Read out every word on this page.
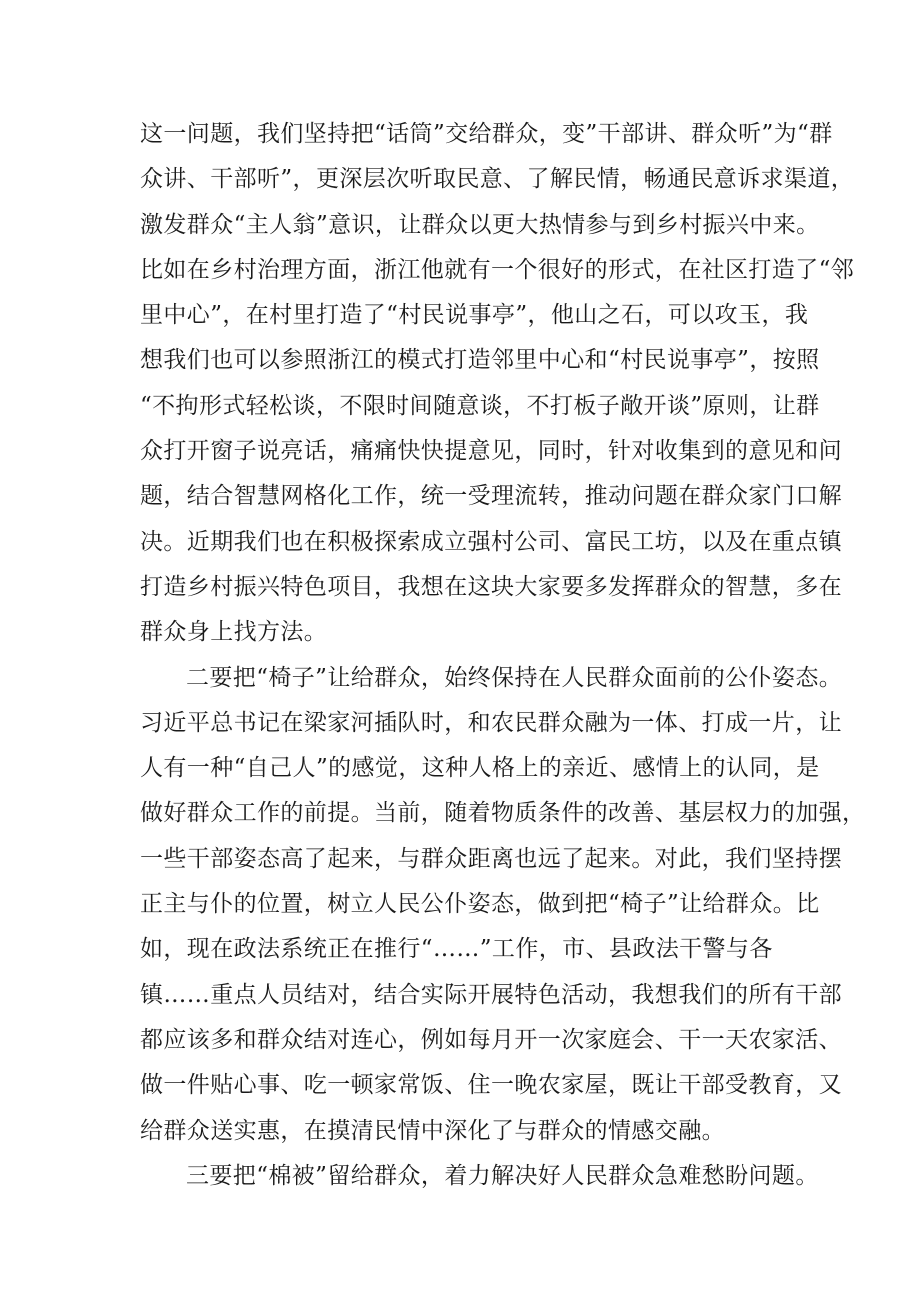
这一问题，我们坚持把“话筒”交给群众，变”干部讲、群众听”为“群
众讲、干部听”，更深层次听取民意、了解民情，畅通民意诉求渠道，
激发群众“主人翁”意识，让群众以更大热情参与到乡村振兴中来。
比如在乡村治理方面，浙江他就有一个很好的形式，在社区打造了“邻
里中心”，在村里打造了“村民说事亭”，他山之石，可以攻玉，我
想我们也可以参照浙江的模式打造邻里中心和“村民说事亭”，按照
“不拘形式轻松谈，不限时间随意谈，不打板子敞开谈”原则，让群
众打开窗子说亮话，痛痛快快提意见，同时，针对收集到的意见和问
题，结合智慧网格化工作，统一受理流转，推动问题在群众家门口解
决。近期我们也在积极探索成立强村公司、富民工坊，以及在重点镇
打造乡村振兴特色项目，我想在这块大家要多发挥群众的智慧，多在
群众身上找方法。
二要把“椅子”让给群众，始终保持在人民群众面前的公仆姿态。
习近平总书记在梁家河插队时，和农民群众融为一体、打成一片，让
人有一种“自己人”的感觉，这种人格上的亲近、感情上的认同，是
做好群众工作的前提。当前，随着物质条件的改善、基层权力的加强，
一些干部姿态高了起来，与群众距离也远了起来。对此，我们坚持摆
正主与仆的位置，树立人民公仆姿态，做到把“椅子”让给群众。比
如，现在政法系统正在推行“……”工作，市、县政法干警与各
镇……重点人员结对，结合实际开展特色活动，我想我们的所有干部
都应该多和群众结对连心，例如每月开一次家庭会、干一天农家活、
做一件贴心事、吃一顿家常饭、住一晚农家屋，既让干部受教育，又
给群众送实惠，在摸清民情中深化了与群众的情感交融。
三要把“棉被”留给群众，着力解决好人民群众急难愁盼问题。
